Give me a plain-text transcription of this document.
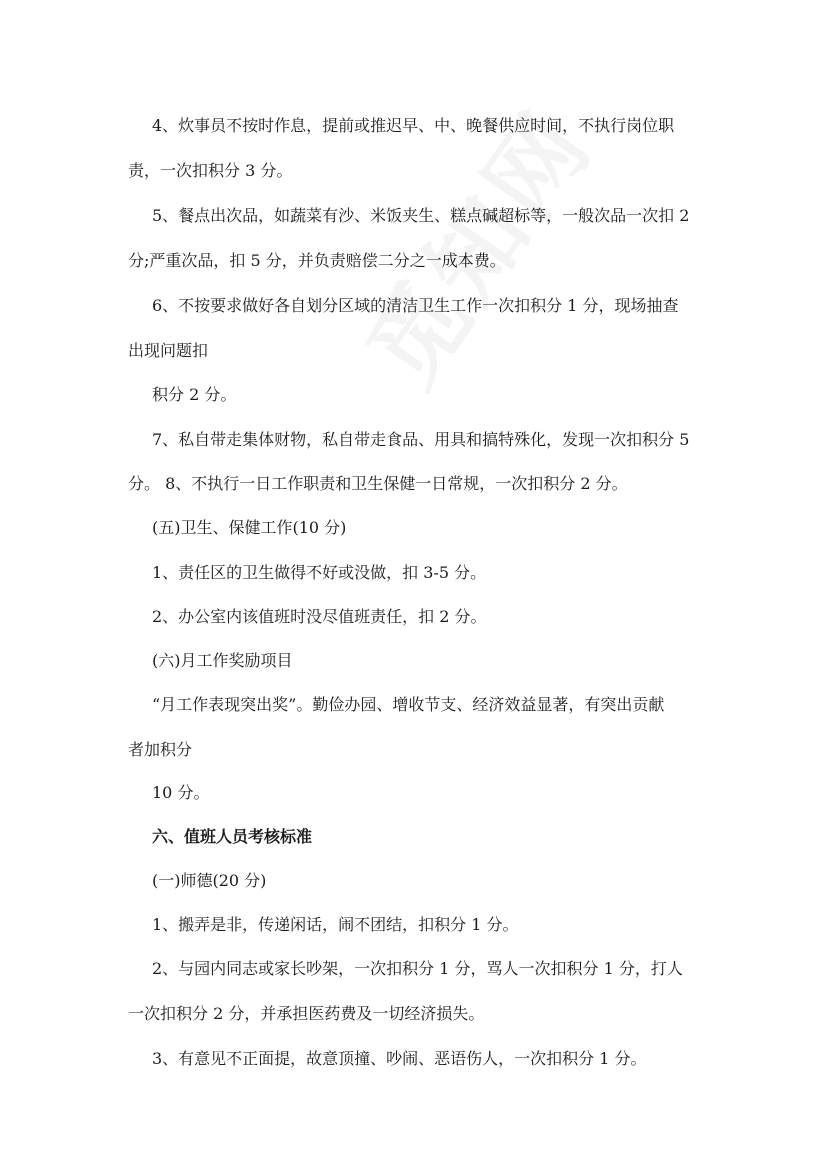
4、炊事员不按时作息，提前或推迟早、中、晚餐供应时间，不执行岗位职
责，一次扣积分 3 分。
5、餐点出次品，如蔬菜有沙、米饭夹生、糕点碱超标等，一般次品一次扣 2
分;严重次品，扣 5 分，并负责赔偿二分之一成本费。
6、不按要求做好各自划分区域的清洁卫生工作一次扣积分 1 分，现场抽查
出现问题扣
积分 2 分。
7、私自带走集体财物，私自带走食品、用具和搞特殊化，发现一次扣积分 5
分。 8、不执行一日工作职责和卫生保健一日常规，一次扣积分 2 分。
(五)卫生、保健工作(10 分)
1、责任区的卫生做得不好或没做，扣 3-5 分。
2、办公室内该值班时没尽值班责任，扣 2 分。
(六)月工作奖励项目
“月工作表现突出奖”。勤俭办园、增收节支、经济效益显著，有突出贡献
者加积分
10 分。
六、值班人员考核标准
(一)师德(20 分)
1、搬弄是非，传递闲话，闹不团结，扣积分 1 分。
2、与园内同志或家长吵架，一次扣积分 1 分，骂人一次扣积分 1 分，打人
一次扣积分 2 分，并承担医药费及一切经济损失。
3、有意见不正面提，故意顶撞、吵闹、恶语伤人，一次扣积分 1 分。
